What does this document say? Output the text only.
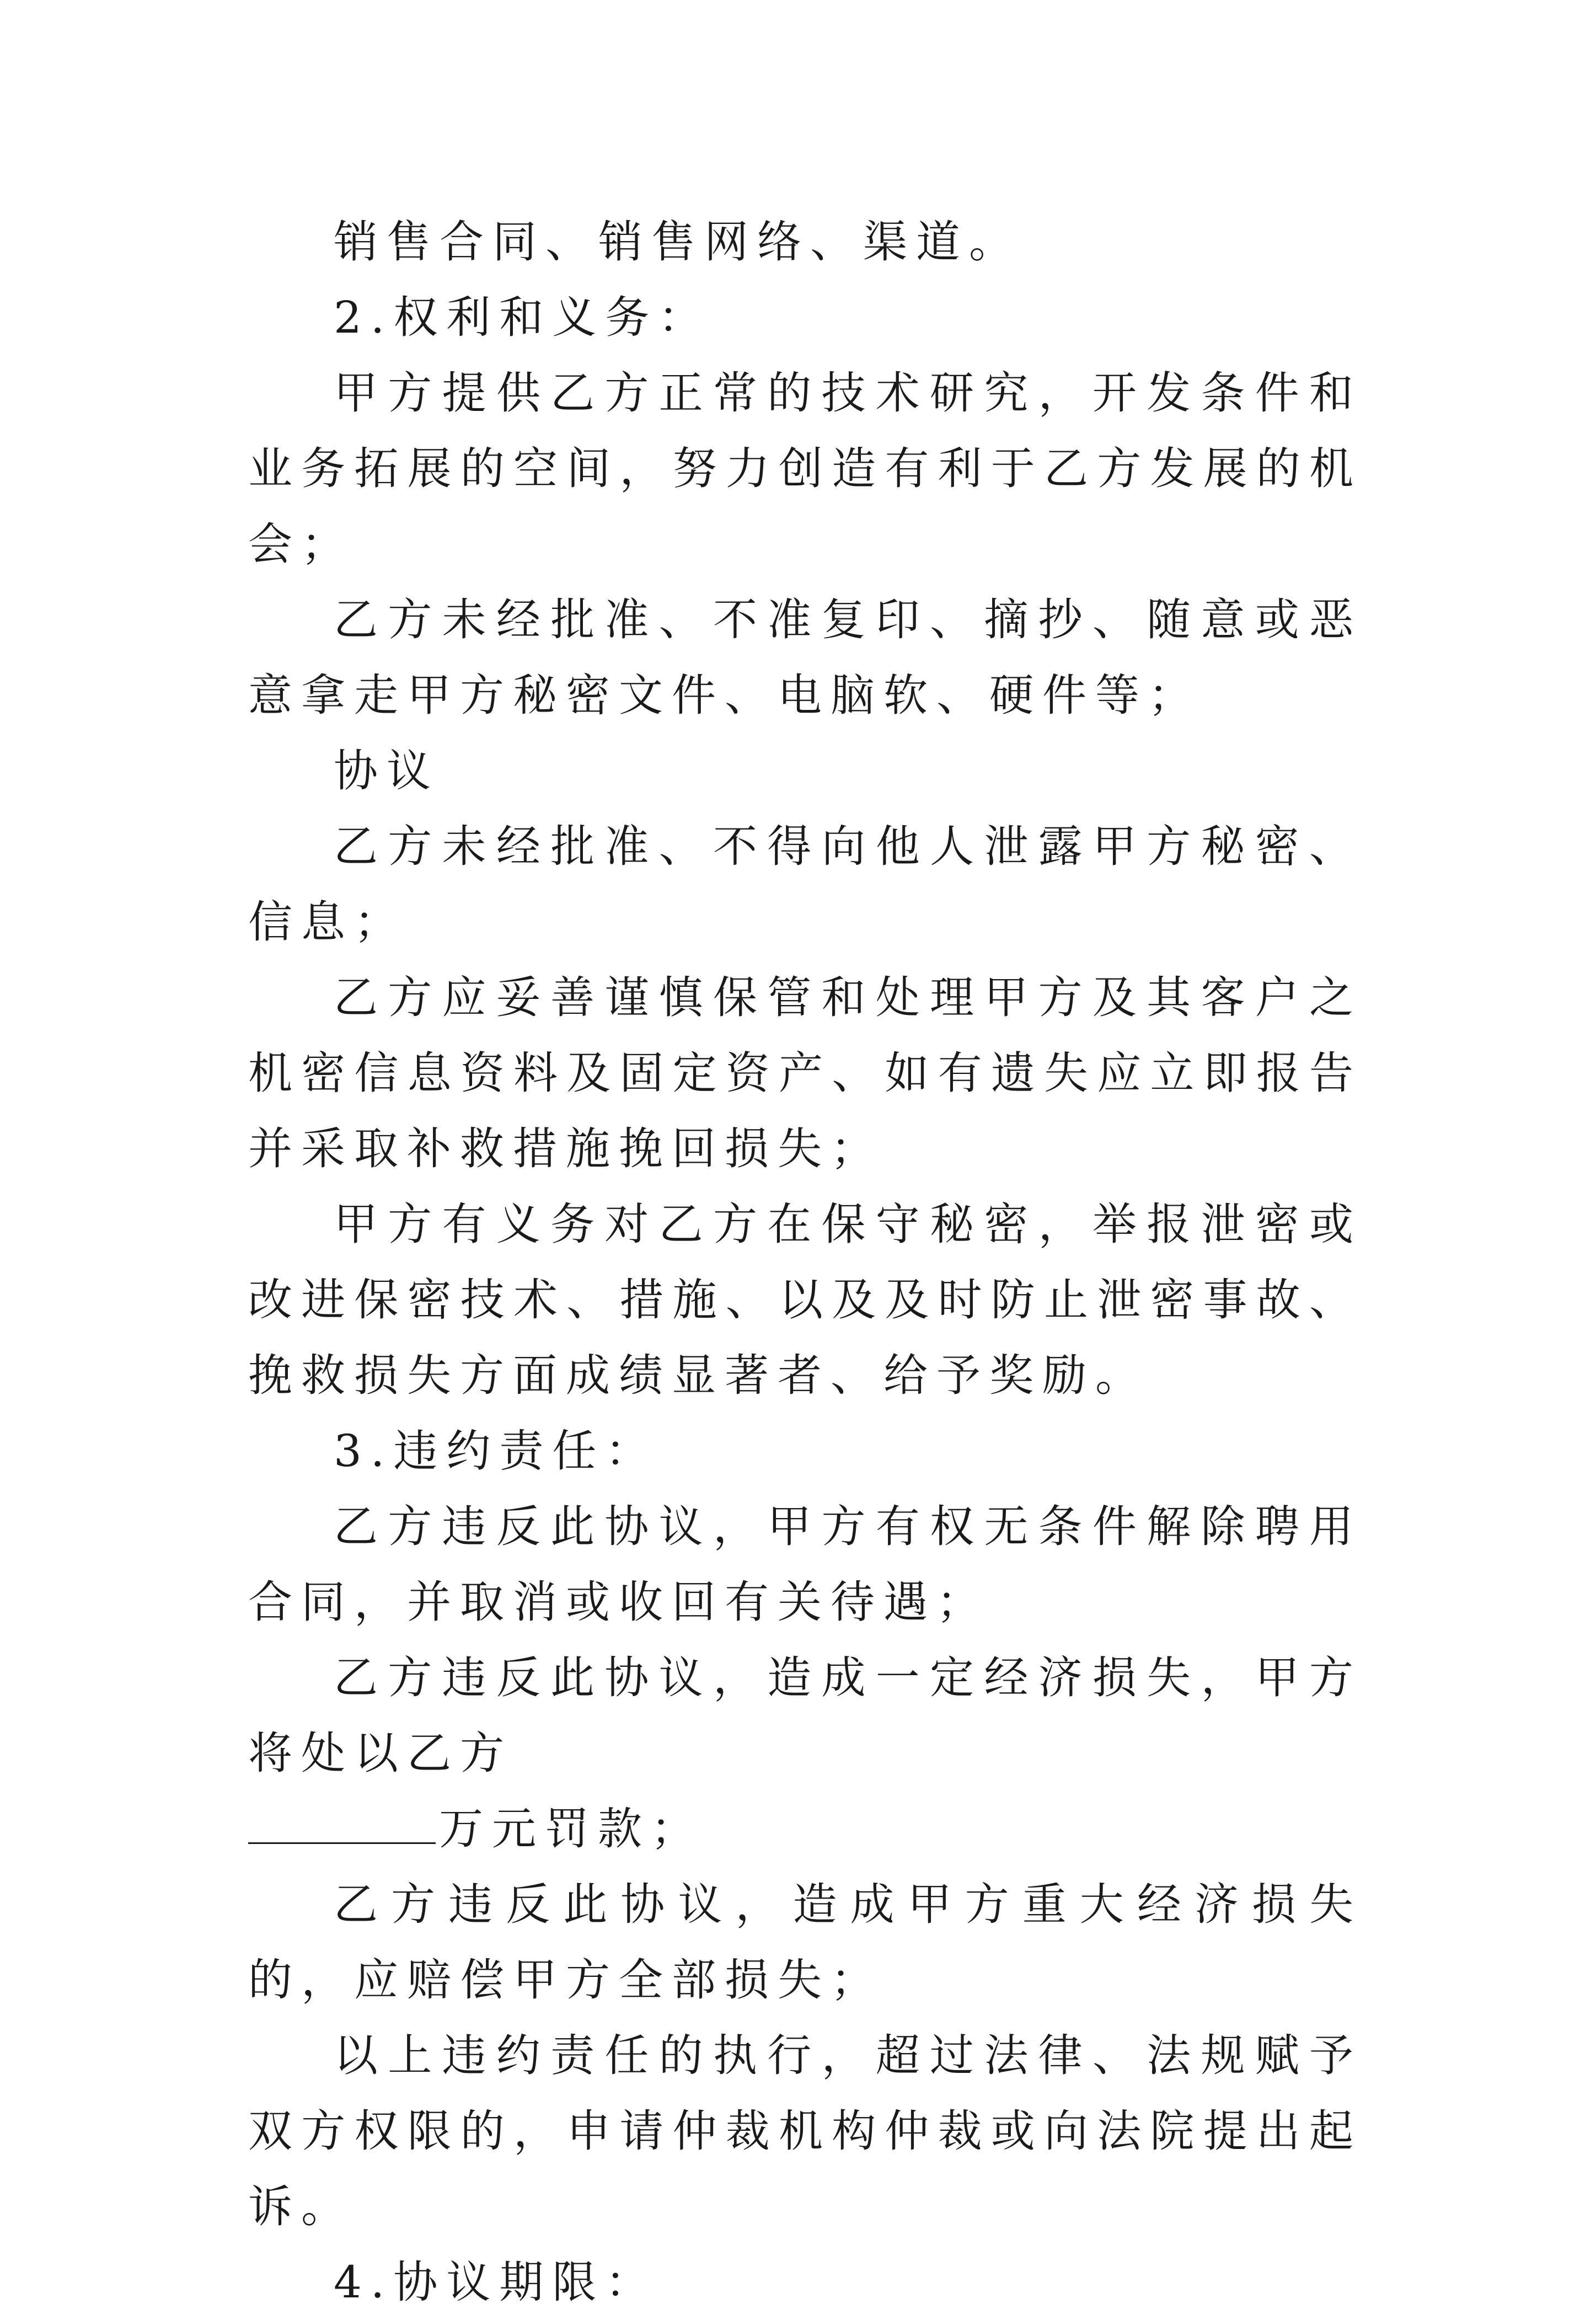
销售合同、销售网络、渠道。

2.权利和义务：

甲方提供乙方正常的技术研究，开发条件和业务拓展的空间，努力创造有利于乙方发展的机会；

乙方未经批准、不准复印、摘抄、随意或恶意拿走甲方秘密文件、电脑软、硬件等；

协议

乙方未经批准、不得向他人泄露甲方秘密、信息；

乙方应妥善谨慎保管和处理甲方及其客户之机密信息资料及固定资产、如有遗失应立即报告并采取补救措施挽回损失；

甲方有义务对乙方在保守秘密，举报泄密或改进保密技术、措施、以及及时防止泄密事故、挽救损失方面成绩显著者、给予奖励。

3.违约责任：

乙方违反此协议，甲方有权无条件解除聘用合同，并取消或收回有关待遇；

乙方违反此协议，造成一定经济损失，甲方将处以乙方

万元罚款；

乙方违反此协议，造成甲方重大经济损失的，应赔偿甲方全部损失；

以上违约责任的执行，超过法律、法规赋予双方权限的，申请仲裁机构仲裁或向法院提出起诉。

4.协议期限：
